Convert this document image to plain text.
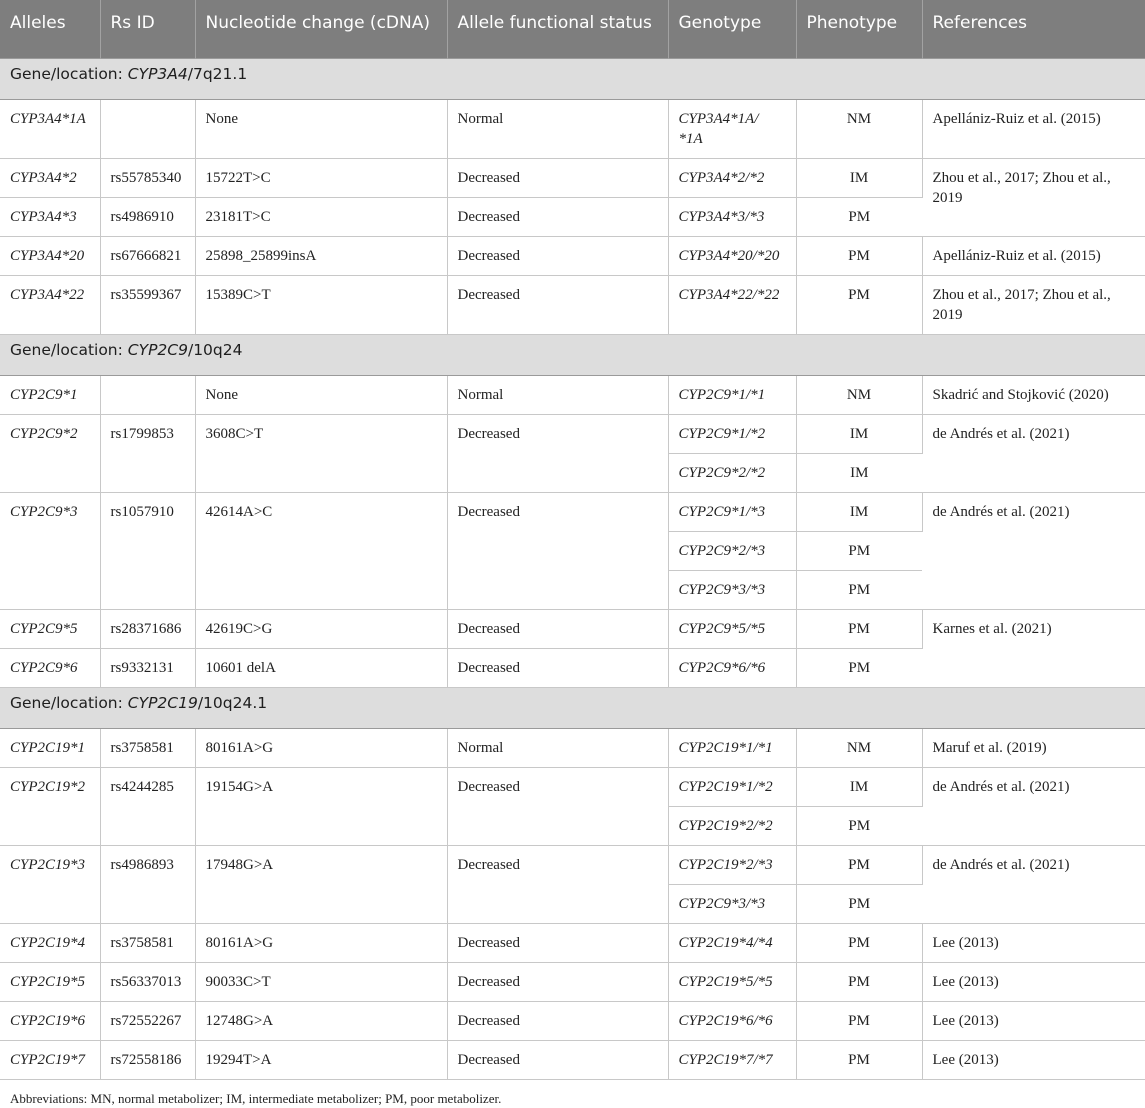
Alleles	Rs ID	Nucleotide change (cDNA)	Allele functional status	Genotype	Phenotype	References
Gene/location: CYP3A4/7q21.1						
CYP3A4*1A		None	Normal	CYP3A4*1A/ *1A	NM	Apellániz-Ruiz et al. (2015)
CYP3A4*2	rs55785340	15722T>C	Decreased	CYP3A4*2/*2	IM	Zhou et al., 2017; Zhou et al., 2019
CYP3A4*3	rs4986910	23181T>C	Decreased	CYP3A4*3/*3	PM	
CYP3A4*20	rs67666821	25898_25899insA	Decreased	CYP3A4*20/*20	PM	Apellániz-Ruiz et al. (2015)
CYP3A4*22	rs35599367	15389C>T	Decreased	CYP3A4*22/*22	PM	Zhou et al., 2017; Zhou et al., 2019
Gene/location: CYP2C9/10q24						
CYP2C9*1		None	Normal	CYP2C9*1/*1	NM	Skadrić and Stojković (2020)
CYP2C9*2	rs1799853	3608C>T	Decreased	CYP2C9*1/*2	IM	de Andrés et al. (2021)
				CYP2C9*2/*2	IM	
CYP2C9*3	rs1057910	42614A>C	Decreased	CYP2C9*1/*3	IM	de Andrés et al. (2021)
				CYP2C9*2/*3	PM	
				CYP2C9*3/*3	PM	
CYP2C9*5	rs28371686	42619C>G	Decreased	CYP2C9*5/*5	PM	Karnes et al. (2021)
CYP2C9*6	rs9332131	10601 delA	Decreased	CYP2C9*6/*6	PM	
Gene/location: CYP2C19/10q24.1						
CYP2C19*1	rs3758581	80161A>G	Normal	CYP2C19*1/*1	NM	Maruf et al. (2019)
CYP2C19*2	rs4244285	19154G>A	Decreased	CYP2C19*1/*2	IM	de Andrés et al. (2021)
				CYP2C19*2/*2	PM	
CYP2C19*3	rs4986893	17948G>A	Decreased	CYP2C19*2/*3	PM	de Andrés et al. (2021)
				CYP2C9*3/*3	PM	
CYP2C19*4	rs3758581	80161A>G	Decreased	CYP2C19*4/*4	PM	Lee (2013)
CYP2C19*5	rs56337013	90033C>T	Decreased	CYP2C19*5/*5	PM	Lee (2013)
CYP2C19*6	rs72552267	12748G>A	Decreased	CYP2C19*6/*6	PM	Lee (2013)
CYP2C19*7	rs72558186	19294T>A	Decreased	CYP2C19*7/*7	PM	Lee (2013)
Abbreviations: MN, normal metabolizer; IM, intermediate metabolizer; PM, poor metabolizer.
